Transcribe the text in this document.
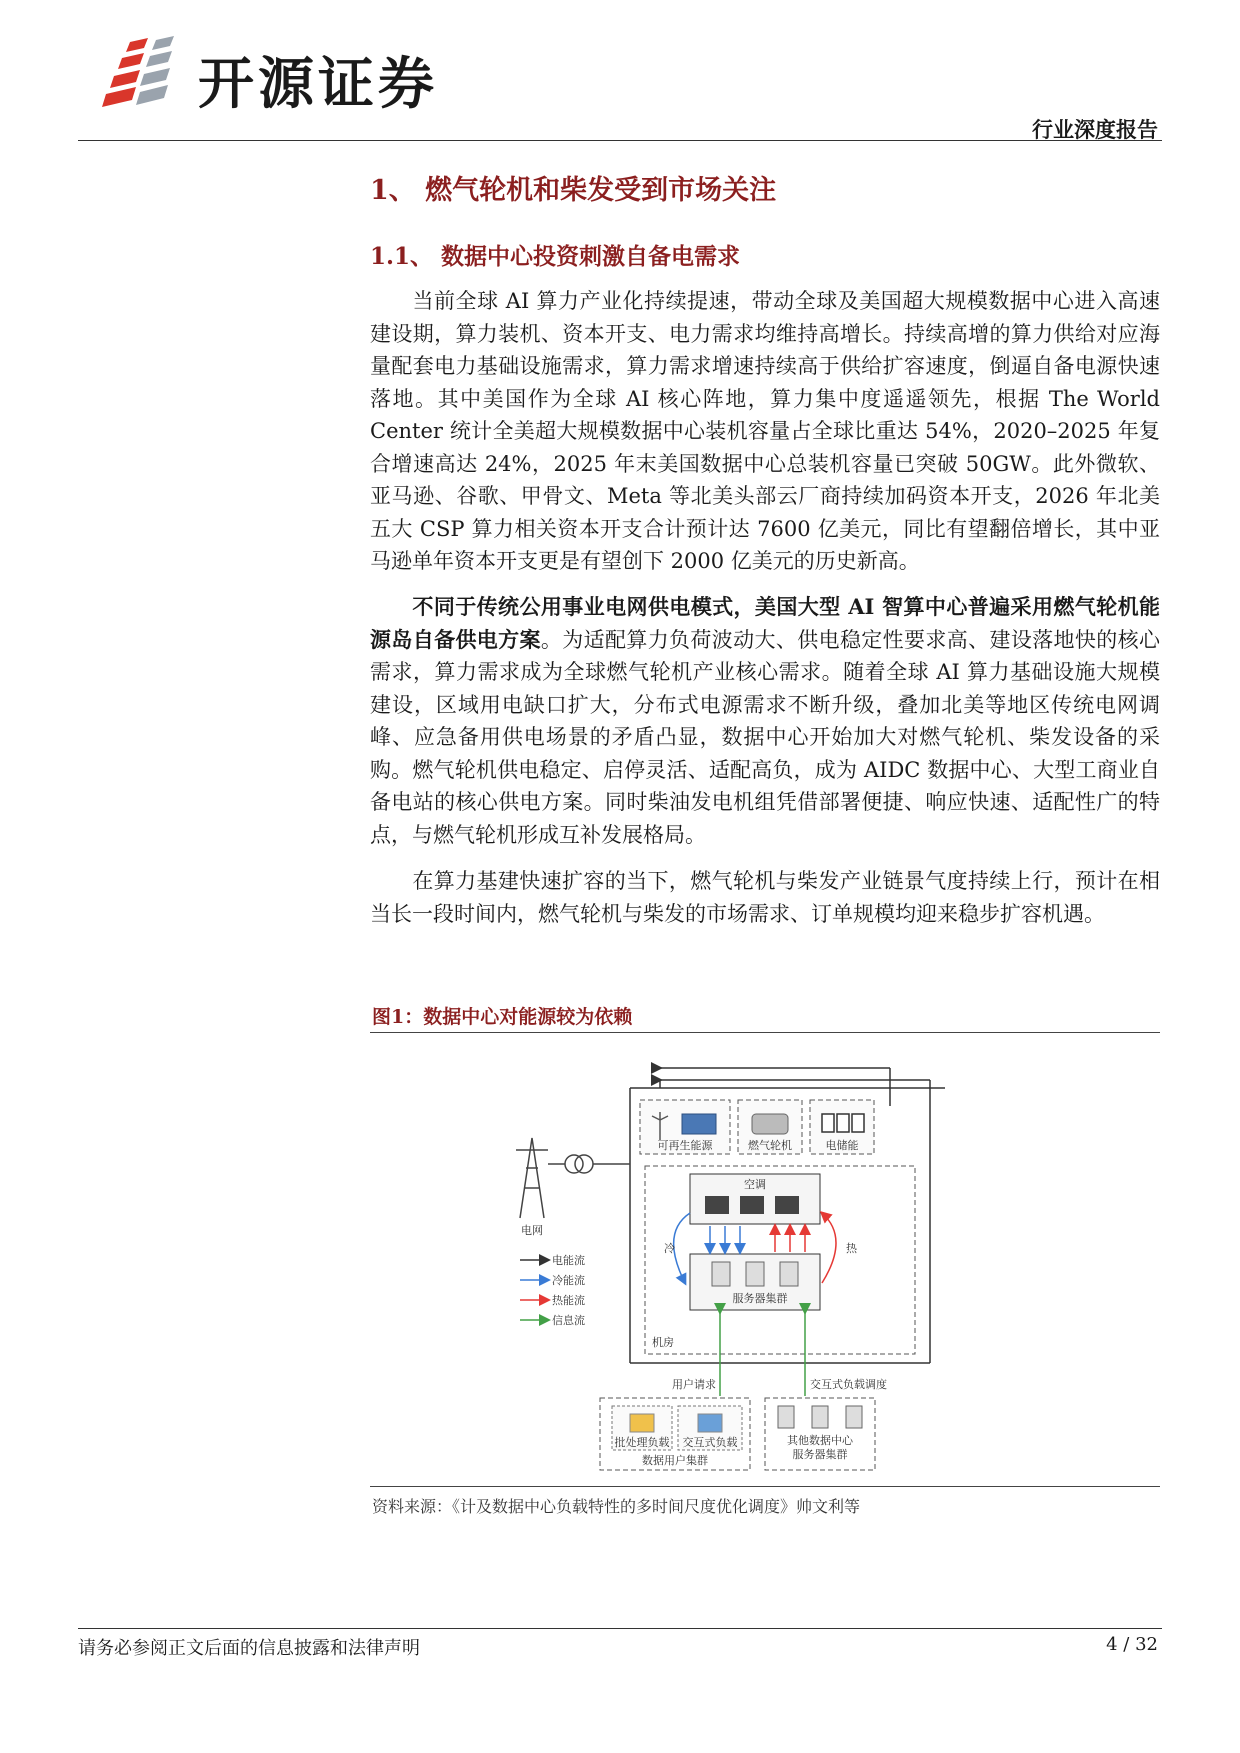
开源证券
行业深度报告
1、 燃气轮机和柴发受到市场关注
1.1、 数据中心投资刺激自备电需求
当前全球 AI 算力产业化持续提速，带动全球及美国超大规模数据中心进入高速建设期，算力装机、资本开支、电力需求均维持高增长。持续高增的算力供给对应海量配套电力基础设施需求，算力需求增速持续高于供给扩容速度，倒逼自备电源快速落地。其中美国作为全球 AI 核心阵地，算力集中度遥遥领先，根据 The World Center 统计全美超大规模数据中心装机容量占全球比重达 54%，2020–2025 年复合增速高达 24%，2025 年末美国数据中心总装机容量已突破 50GW。此外微软、亚马逊、谷歌、甲骨文、Meta 等北美头部云厂商持续加码资本开支，2026 年北美五大 CSP 算力相关资本开支合计预计达 7600 亿美元，同比有望翻倍增长，其中亚马逊单年资本开支更是有望创下 2000 亿美元的历史新高。
不同于传统公用事业电网供电模式，美国大型 AI 智算中心普遍采用燃气轮机能源岛自备供电方案。为适配算力负荷波动大、供电稳定性要求高、建设落地快的核心需求，算力需求成为全球燃气轮机产业核心需求。随着全球 AI 算力基础设施大规模建设，区域用电缺口扩大，分布式电源需求不断升级，叠加北美等地区传统电网调峰、应急备用供电场景的矛盾凸显，数据中心开始加大对燃气轮机、柴发设备的采购。燃气轮机供电稳定、启停灵活、适配高负，成为 AIDC 数据中心、大型工商业自备电站的核心供电方案。同时柴油发电机组凭借部署便捷、响应快速、适配性广的特点，与燃气轮机形成互补发展格局。
在算力基建快速扩容的当下，燃气轮机与柴发产业链景气度持续上行，预计在相当长一段时间内，燃气轮机与柴发的市场需求、订单规模均迎来稳步扩容机遇。
图1：数据中心对能源较为依赖
可再生能源	燃气轮机	电储能
电网
机房
空调
服务器集群
冷	热
电能流
冷能流
热能流
信息流
用户请求	交互式负载调度
批处理负载 交互式负载
数据用户集群
其他数据中心
服务器集群
资料来源：《计及数据中心负载特性的多时间尺度优化调度》帅文利等
请务必参阅正文后面的信息披露和法律声明	4 / 32
